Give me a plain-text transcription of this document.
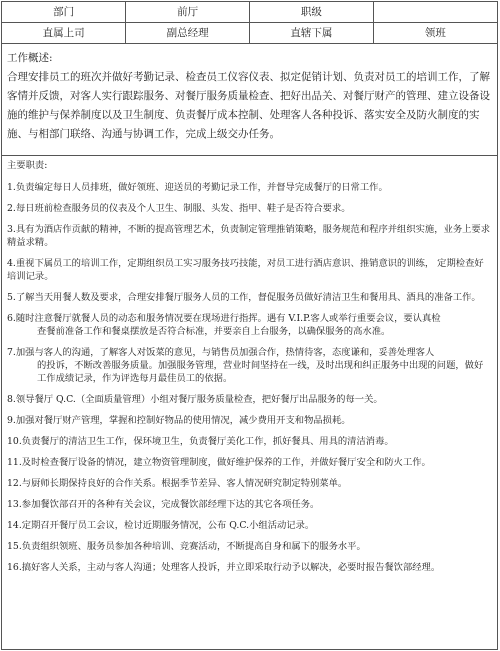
部门	前厅	职级	
直属上司	副总经理	直辖下属	领班

工作概述:

合理安排员工的班次并做好考勤记录、检查员工仪容仪表、拟定促销计划、负责对员工的培训工作，了解客情并反馈，对客人实行跟踪服务、对餐厅服务质量检查、把好出品关、对餐厅财产的管理、建立设备设施的维护与保养制度以及卫生制度、负责餐厅成本控制、处理客人各种投诉、落实安全及防火制度的实施、与相部门联络、沟通与协调工作，完成上级交办任务。

主要职责:

1.负责编定每日人员排班，做好领班、迎送员的考勤记录工作，并督导完成餐厅的日常工作。

2.每日班前检查服务员的仪表及个人卫生、制服、头发、指甲、鞋子是否符合要求。

3.具有为酒店作贡献的精神，不断的提高管理艺术，负责制定管理推销策略，服务规范和程序并组织实施，业务上要求精益求精。

4.重视下属员工的培训工作，定期组织员工实习服务技巧技能，对员工进行酒店意识、推销意识的训练， 定期检查好培训记录。

5.了解当天用餐人数及要求，合理安排餐厅服务人员的工作，督促服务员做好清洁卫生和餐用具、酒具的准备工作。

6.随时注意餐厅就餐人员的动态和服务情况要在现场进行指挥。遇有 V.I.P.客人或举行重要会议，要认真检
查餐前准备工作和餐桌摆放是否符合标准，并要亲自上台服务，以确保服务的高水准。

7.加强与客人的沟通，了解客人对饭菜的意见，与销售员加强合作，热情待客，态度谦和，妥善处理客人
的投诉，不断改善服务质量。加强服务管理，营业时间坚持在一线，及时出现和纠正服务中出现的问题，做好工作成绩记录，作为评选每月最佳员工的依据。

8.领导餐厅 Q.C.（全面质量管理）小组对餐厅服务质量检查，把好餐厅出品服务的每一关。

9.加强对餐厅财产管理，掌握和控制好物品的使用情况，减少费用开支和物品损耗。

10.负责餐厅的清洁卫生工作，保环境卫生，负责餐厅美化工作，抓好餐具、用具的清洁消毒。

11.及时检查餐厅设备的情况，建立物资管理制度，做好维护保养的工作，并做好餐厅安全和防火工作。

12.与厨师长期保持良好的合作关系。根据季节差异、客人情况研究制定特别菜单。

13.参加餐饮部召开的各种有关会议，完成餐饮部经理下达的其它各项任务。

14.定期召开餐厅员工会议，检讨近期服务情况，公布 Q.C.小组活动记录。

15.负责组织领班、服务员参加各种培训、竞赛活动，不断提高自身和属下的服务水平。

16.搞好客人关系，主动与客人沟通；处理客人投诉，并立即采取行动予以解决，必要时报告餐饮部经理。
